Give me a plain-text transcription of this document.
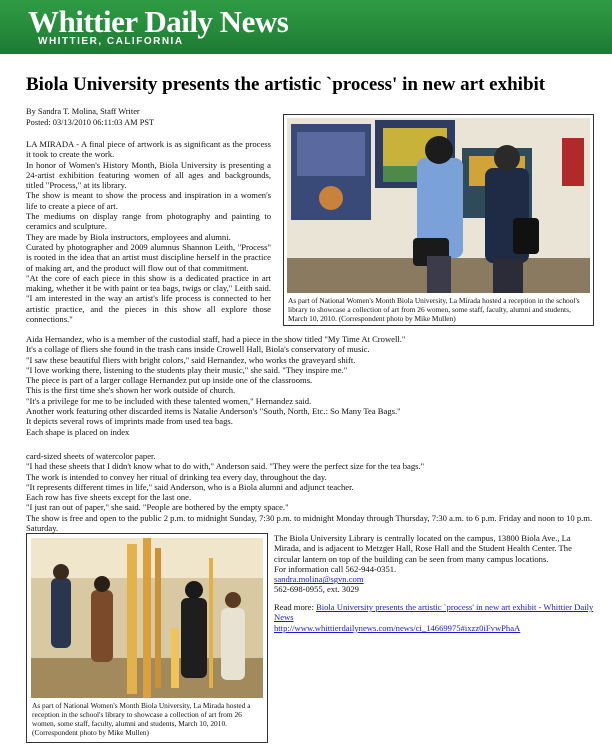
Whittier Daily News
WHITTIER, CALIFORNIA
Biola University presents the artistic `process' in new art exhibit
By Sandra T. Molina, Staff Writer
Posted: 03/13/2010 06:11:03 AM PST

LA MIRADA - A final piece of artwork is as significant as the process it took to create the work.

In honor of Women's History Month, Biola University is presenting a 24-artist exhibition featuring women of all ages and backgrounds, titled "Process," at its library.

The show is meant to show the process and inspiration in a women's life to create a piece of art.

The mediums on display range from photography and painting to ceramics and sculpture.

They are made by Biola instructors, employees and alumni.

Curated by photographer and 2009 alumnus Shannon Leith, "Process" is rooted in the idea that an artist must discipline herself in the practice of making art, and the product will flow out of that commitment.

"At the core of each piece in this show is a dedicated practice in art making, whether it be with paint or tea bags, twigs or clay," Leith said. "I am interested in the way an artist's life process is connected to her artistic practice, and the pieces in this show all explore those connections."

As part of National Women's Month Biola University, La Mirada hosted a reception in the school's library to showcase a collection of art from 26 women, some staff, faculty, alumni and students, March 10, 2010. (Correspondent photo by Mike Mullen)

Aida Hernandez, who is a member of the custodial staff, had a piece in the show titled "My Time At Crowell."

It's a collage of fliers she found in the trash cans inside Crowell Hall, Biola's conservatory of music.

"I saw these beautiful fliers with bright colors," said Hernandez, who works the graveyard shift.

"I love working there, listening to the students play their music," she said. "They inspire me."

The piece is part of a larger collage Hernandez put up inside one of the classrooms.

This is the first time she's shown her work outside of church.

"It's a privilege for me to be included with these talented women," Hernandez said.

Another work featuring other discarded items is Natalie Anderson's "South, North, Etc.: So Many Tea Bags."

It depicts several rows of imprints made from used tea bags.

Each shape is placed on index

card-sized sheets of watercolor paper.

"I had these sheets that I didn't know what to do with," Anderson said. "They were the perfect size for the tea bags."

The work is intended to convey her ritual of drinking tea every day, throughout the day.

"It represents different times in life," said Anderson, who is a Biola alumni and adjunct teacher.

Each row has five sheets except for the last one.

"I just ran out of paper," she said. "People are bothered by the empty space."

The show is free and open to the public 2 p.m. to midnight Sunday, 7:30 p.m. to midnight Monday through Thursday, 7:30 a.m. to 6 p.m. Friday and noon to 10 p.m. Saturday.

As part of National Women's Month Biola University, La Mirada hosted a reception in the school's library to showcase a collection of art from 26 women, some staff, faculty, alumni and students, March 10, 2010. (Correspondent photo by Mike Mullen)

The Biola University Library is centrally located on the campus, 13800 Biola Ave., La Mirada, and is adjacent to Metzger Hall, Rose Hall and the Student Health Center. The circular lantern on top of the building can be seen from many campus locations.

For information call 562-944-0351.

sandra.molina@sgvn.com

562-698-0955, ext. 3029

Read more: Biola University presents the artistic `process' in new art exhibit - Whittier Daily News
http://www.whittierdailynews.com/news/ci_14669975#ixzz0iFvwPhaA
